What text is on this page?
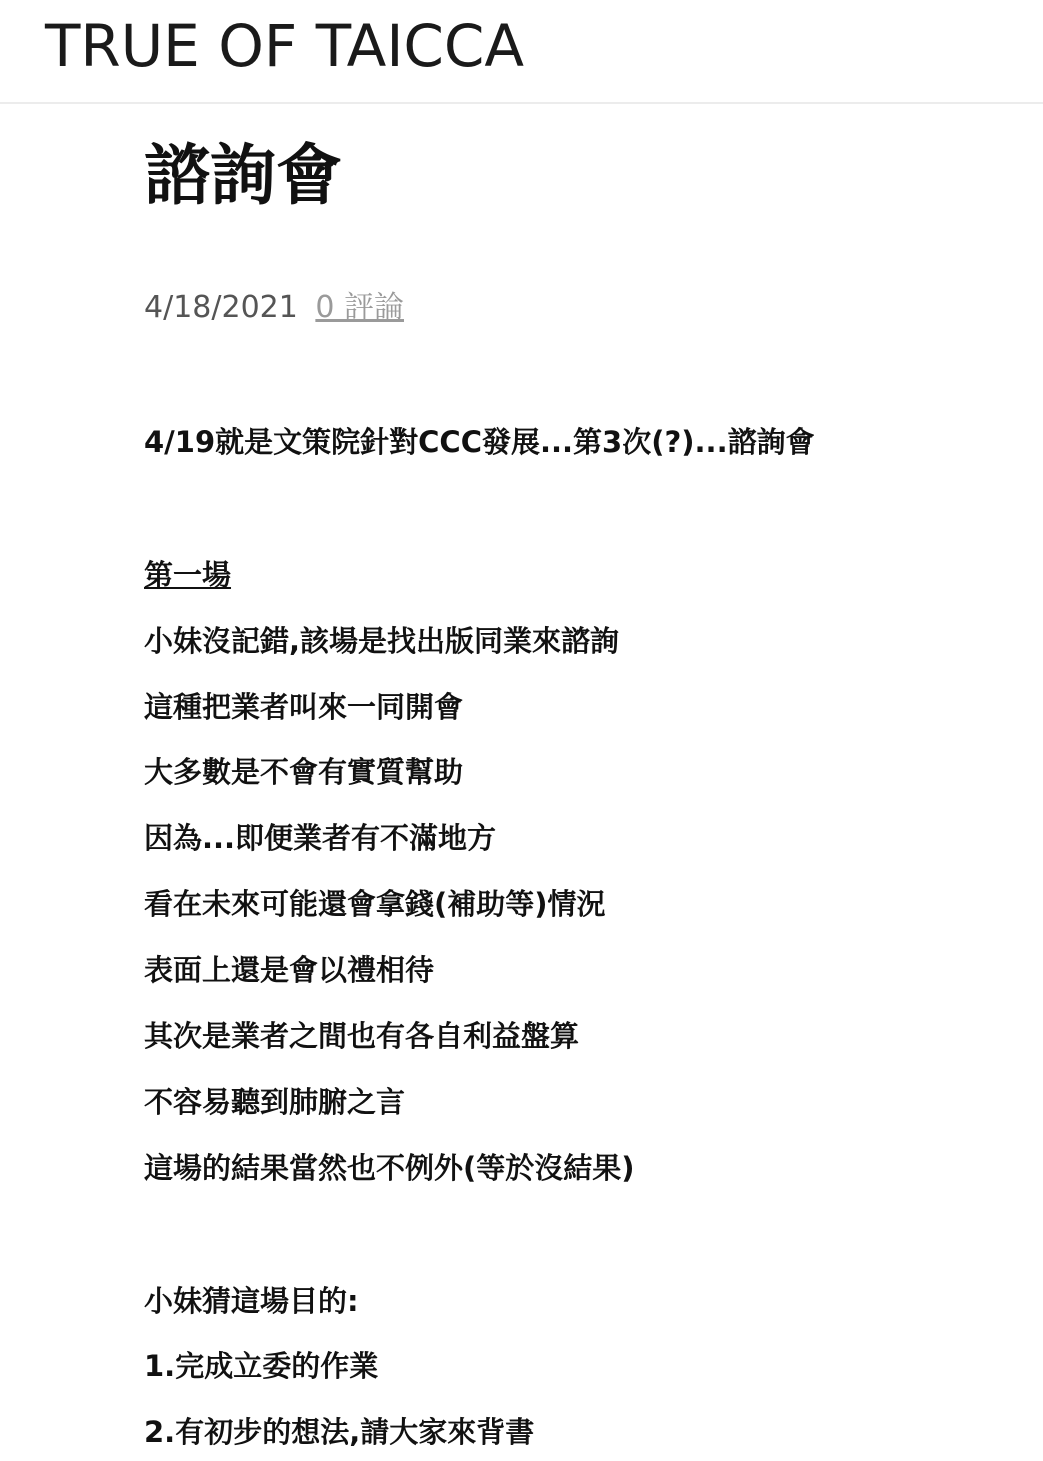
TRUE OF TAICCA
諮詢會
4/18/2021 0 評論

4/19就是文策院針對CCC發展...第3次(?)...諮詢會

第一場

小妹沒記錯,該場是找出版同業來諮詢

這種把業者叫來一同開會

大多數是不會有實質幫助

因為...即便業者有不滿地方

看在未來可能還會拿錢(補助等)情況

表面上還是會以禮相待

其次是業者之間也有各自利益盤算

不容易聽到肺腑之言

這場的結果當然也不例外(等於沒結果)

小妹猜這場目的:

1.完成立委的作業

2.有初步的想法,請大家來背書
